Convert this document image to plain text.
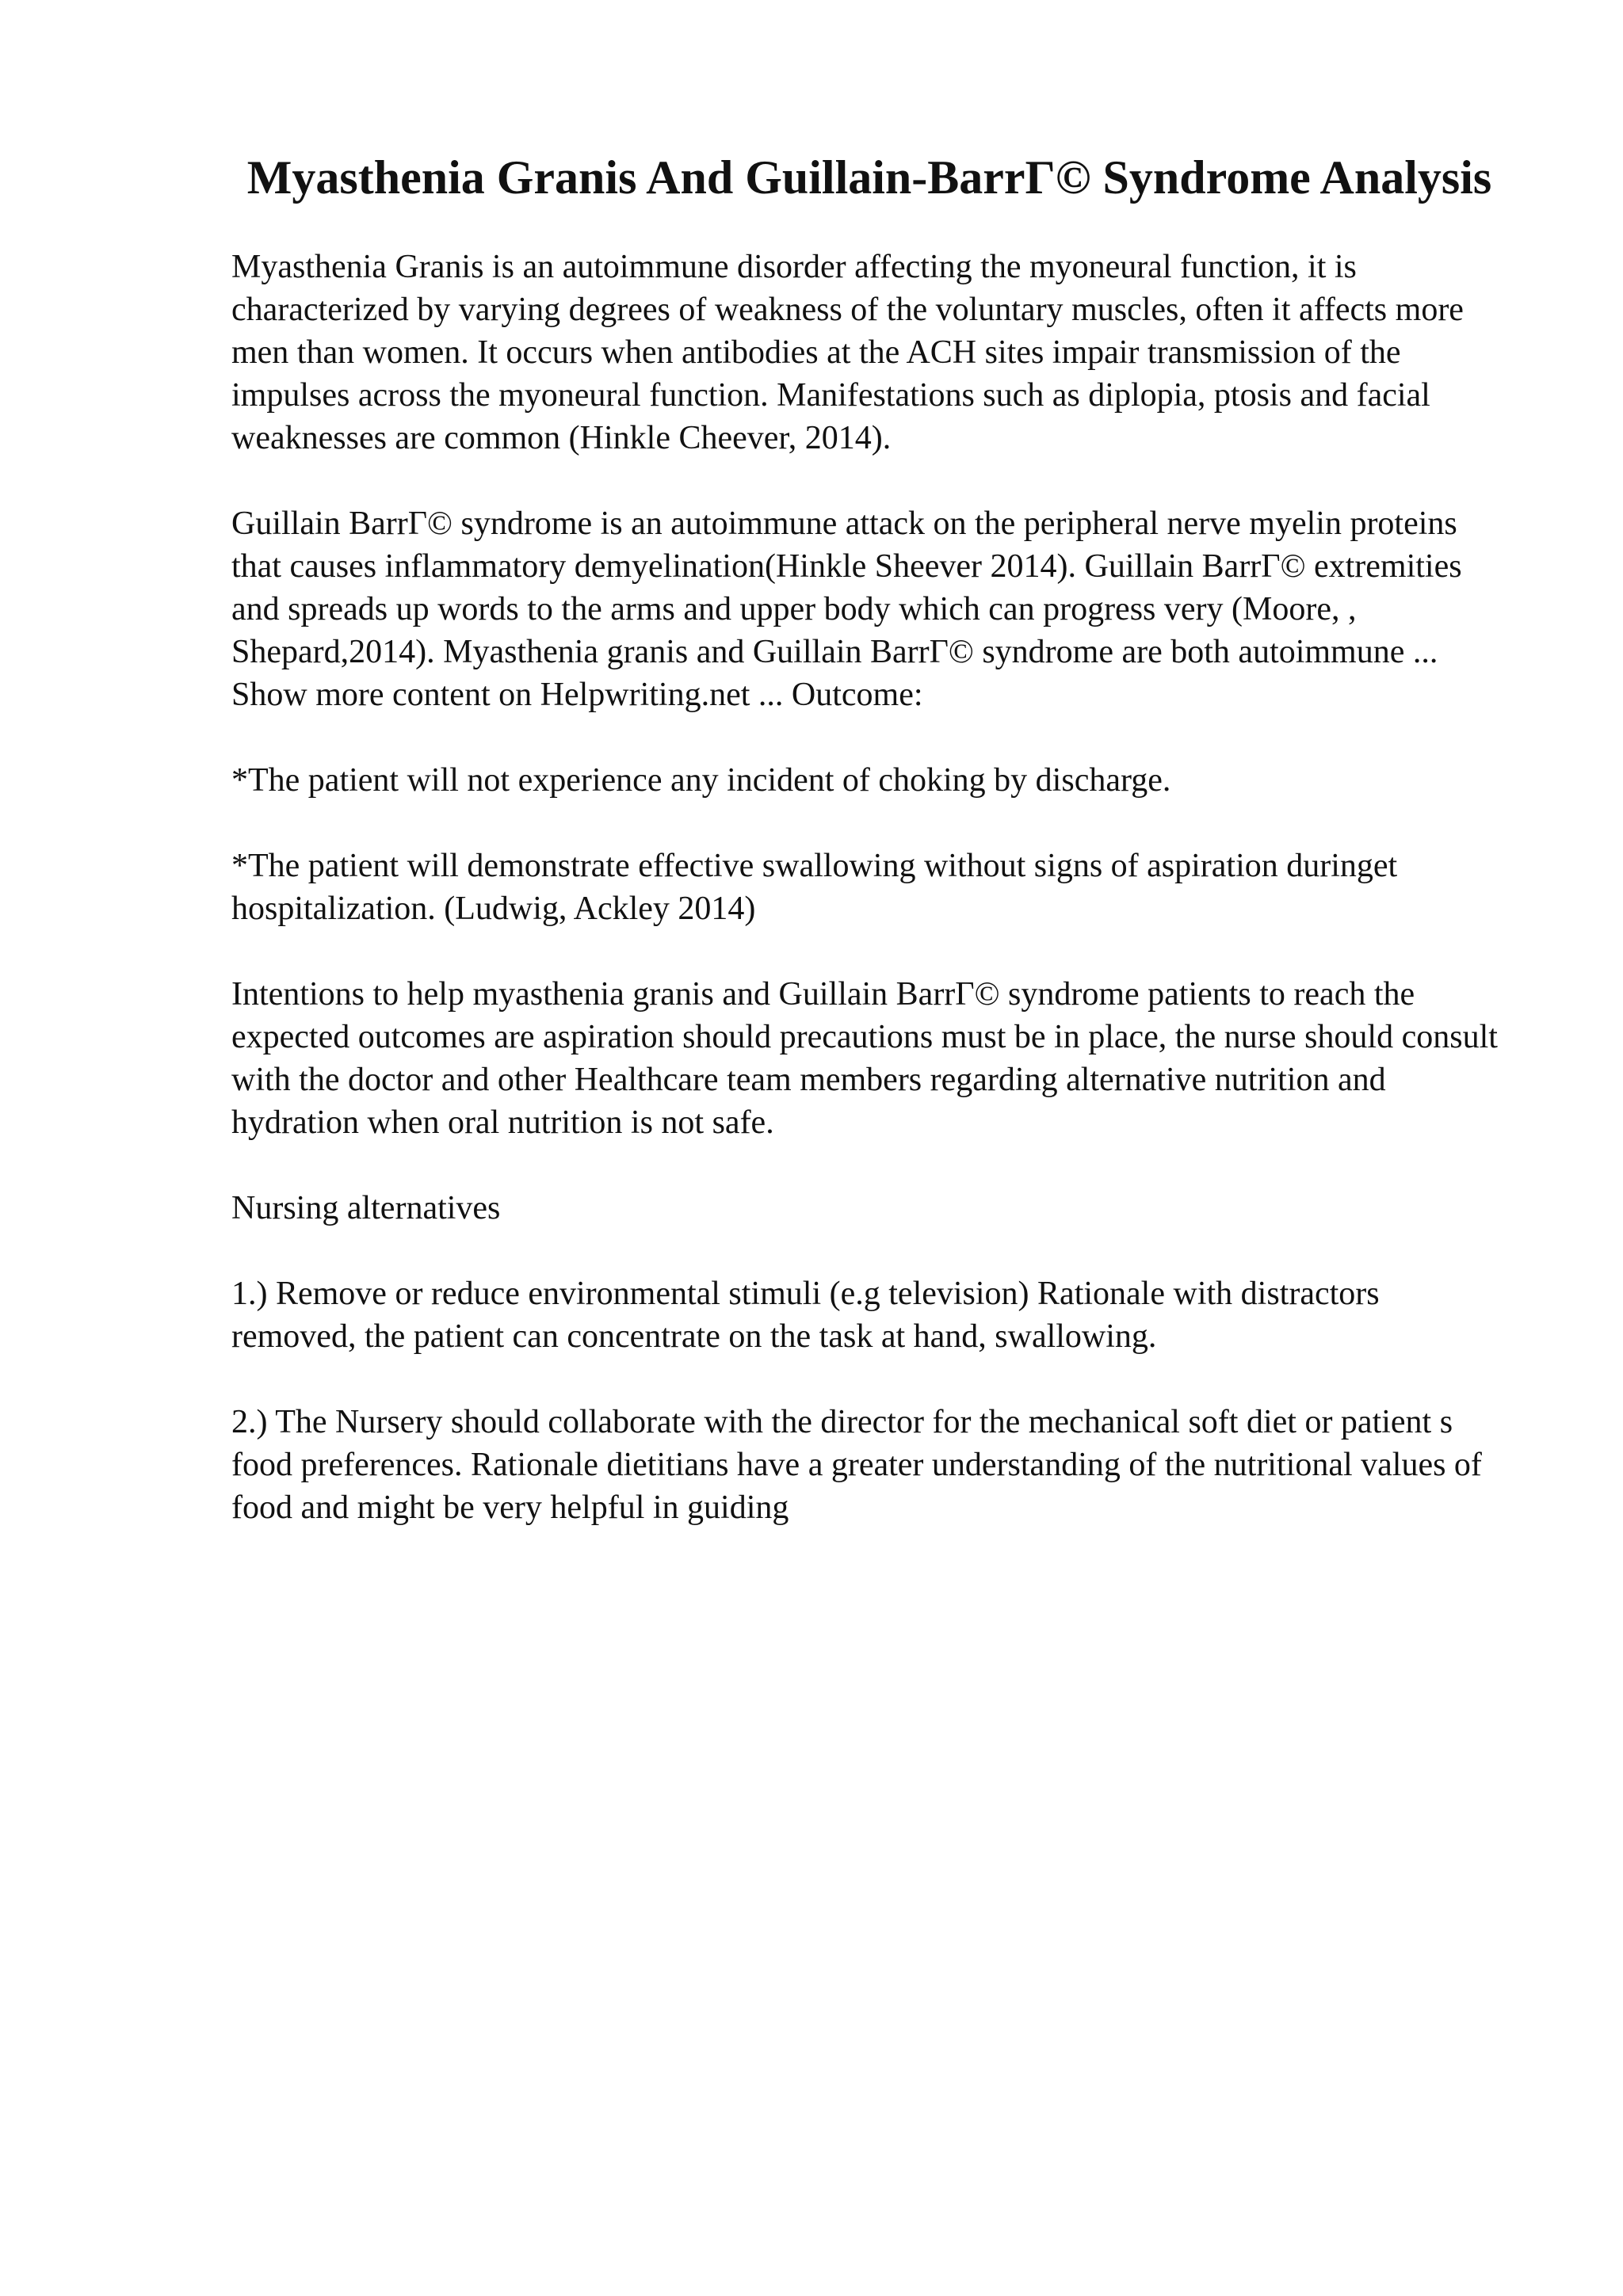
Myasthenia Granis And Guillain-BarrГ© Syndrome Analysis

Myasthenia Granis is an autoimmune disorder affecting the myoneural function, it is characterized by varying degrees of weakness of the voluntary muscles, often it affects more men than women. It occurs when antibodies at the ACH sites impair transmission of the impulses across the myoneural function. Manifestations such as diplopia, ptosis and facial weaknesses are common (Hinkle Cheever, 2014).

Guillain BarrГ© syndrome is an autoimmune attack on the peripheral nerve myelin proteins that causes inflammatory demyelination(Hinkle Sheever 2014). Guillain BarrГ© extremities and spreads up words to the arms and upper body which can progress very (Moore, , Shepard,2014). Myasthenia granis and Guillain BarrГ© syndrome are both autoimmune ... Show more content on Helpwriting.net ... Outcome:

*The patient will not experience any incident of choking by discharge.

*The patient will demonstrate effective swallowing without signs of aspiration duringet hospitalization. (Ludwig, Ackley 2014)

Intentions to help myasthenia granis and Guillain BarrГ© syndrome patients to reach the expected outcomes are aspiration should precautions must be in place, the nurse should consult with the doctor and other Healthcare team members regarding alternative nutrition and hydration when oral nutrition is not safe.

Nursing alternatives

1.) Remove or reduce environmental stimuli (e.g television) Rationale with distractors removed, the patient can concentrate on the task at hand, swallowing.

2.) The Nursery should collaborate with the director for the mechanical soft diet or patient s food preferences. Rationale dietitians have a greater understanding of the nutritional values of food and might be very helpful in guiding
